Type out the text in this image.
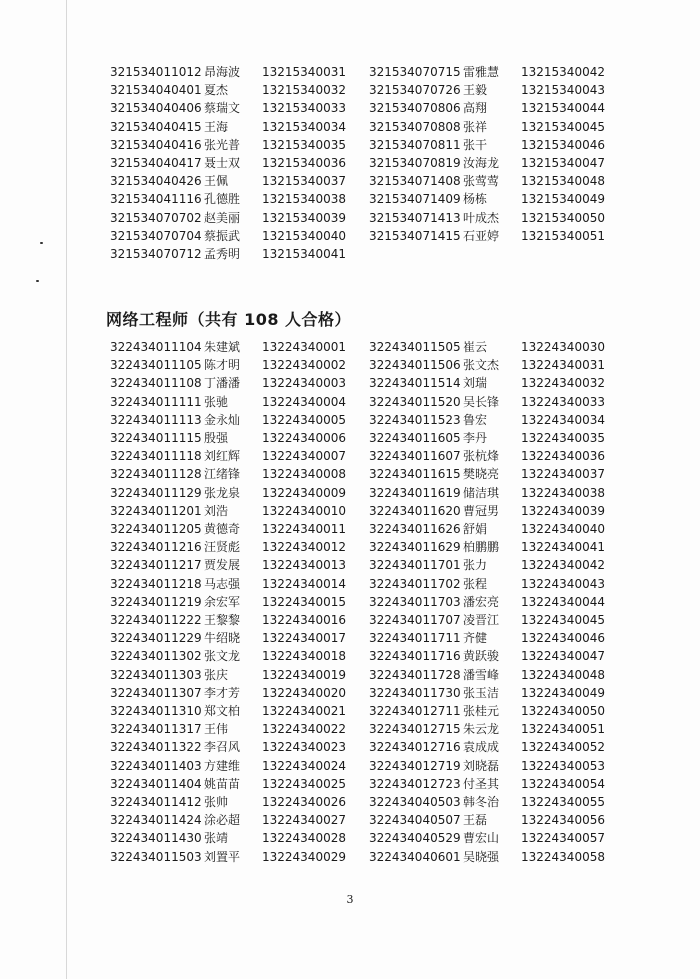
321534011012 昂海波 13215340031
321534040401 夏杰	13215340032
321534040406 蔡瑞文 13215340033
321534040415 王海	13215340034
321534040416 张光普 13215340035
321534040417 聂士双 13215340036
321534040426 王佩	13215340037
321534041116 孔德胜 13215340038
321534070702 赵美丽 13215340039
321534070704 蔡振武 13215340040
321534070712 孟秀明 13215340041
321534070715 雷雅慧 13215340042
321534070726 王毅	13215340043
321534070806 高翔	13215340044
321534070808 张祥	13215340045
321534070811 张干	13215340046
321534070819 汝海龙 13215340047
321534071408 张莺莺 13215340048
321534071409 杨栋	13215340049
321534071413 叶成杰 13215340050
321534071415 石亚婷 13215340051
网络工程师（共有 108 人合格）
322434011104 朱建斌 13224340001
322434011105 陈才明 13224340002
322434011108 丁潘潘 13224340003
322434011111 张驰	13224340004
322434011113 金永灿 13224340005
322434011115 殷强	13224340006
322434011118 刘红辉 13224340007
322434011128 江绪锋 13224340008
322434011129 张龙泉 13224340009
322434011201 刘浩	13224340010
322434011205 黄德奇 13224340011
322434011216 汪贤彪 13224340012
322434011217 贾发展 13224340013
322434011218 马志强 13224340014
322434011219 余宏军 13224340015
322434011222 王黎黎 13224340016
322434011229 牛绍晓 13224340017
322434011302 张文龙 13224340018
322434011303 张庆	13224340019
322434011307 李才芳 13224340020
322434011310 郑文柏 13224340021
322434011317 王伟	13224340022
322434011322 李召风 13224340023
322434011403 方建维 13224340024
322434011404 姚苗苗 13224340025
322434011412 张帅	13224340026
322434011424 涂必超 13224340027
322434011430 张靖	13224340028
322434011503 刘置平 13224340029
322434011505 崔云	13224340030
322434011506 张文杰 13224340031
322434011514 刘瑞	13224340032
322434011520 吴长锋 13224340033
322434011523 鲁宏	13224340034
322434011605 李丹	13224340035
322434011607 张杭烽 13224340036
322434011615 樊晓亮 13224340037
322434011619 储洁琪 13224340038
322434011620 曹冠男 13224340039
322434011626 舒娟	13224340040
322434011629 柏鹏鹏 13224340041
322434011701 张力	13224340042
322434011702 张程	13224340043
322434011703 潘宏亮 13224340044
322434011707 凌晋江 13224340045
322434011711 齐健	13224340046
322434011716 黄跃骏 13224340047
322434011728 潘雪峰 13224340048
322434011730 张玉洁 13224340049
322434012711 张桂元 13224340050
322434012715 朱云龙 13224340051
322434012716 袁成成 13224340052
322434012719 刘晓磊 13224340053
322434012723 付圣其 13224340054
322434040503 韩冬治 13224340055
322434040507 王磊	13224340056
322434040529 曹宏山 13224340057
322434040601 吴晓强 13224340058
3
